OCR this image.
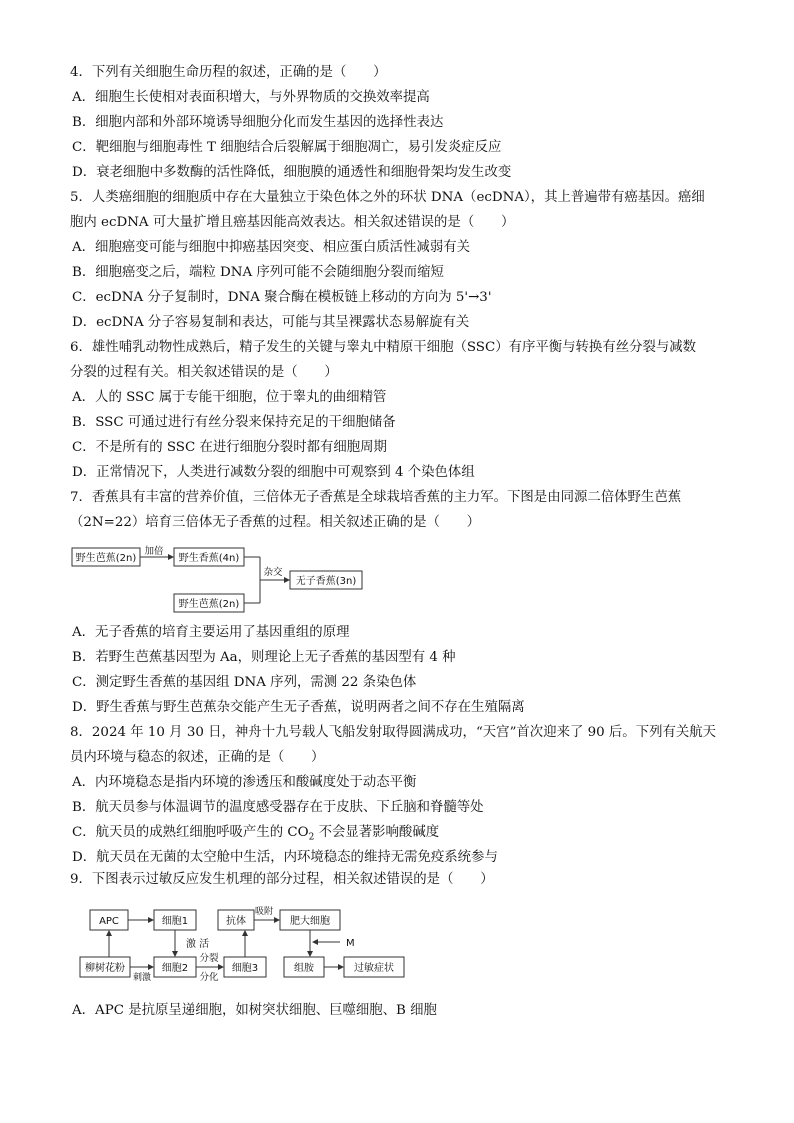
4．下列有关细胞生命历程的叙述，正确的是（　　）
A．细胞生长使相对表面积增大，与外界物质的交换效率提高
B．细胞内部和外部环境诱导细胞分化而发生基因的选择性表达
C．靶细胞与细胞毒性 T 细胞结合后裂解属于细胞凋亡，易引发炎症反应
D．衰老细胞中多数酶的活性降低，细胞膜的通透性和细胞骨架均发生改变
5．人类癌细胞的细胞质中存在大量独立于染色体之外的环状 DNA（ecDNA），其上普遍带有癌基因。癌细
胞内 ecDNA 可大量扩增且癌基因能高效表达。相关叙述错误的是（　　）
A．细胞癌变可能与细胞中抑癌基因突变、相应蛋白质活性减弱有关
B．细胞癌变之后，端粒 DNA 序列可能不会随细胞分裂而缩短
C．ecDNA 分子复制时，DNA 聚合酶在模板链上移动的方向为 5'→3'
D．ecDNA 分子容易复制和表达，可能与其呈裸露状态易解旋有关
6．雄性哺乳动物性成熟后，精子发生的关键与睾丸中精原干细胞（SSC）有序平衡与转换有丝分裂与减数
分裂的过程有关。相关叙述错误的是（　　）
A．人的 SSC 属于专能干细胞，位于睾丸的曲细精管
B．SSC 可通过进行有丝分裂来保持充足的干细胞储备
C．不是所有的 SSC 在进行细胞分裂时都有细胞周期
D．正常情况下，人类进行减数分裂的细胞中可观察到 4 个染色体组
7．香蕉具有丰富的营养价值，三倍体无子香蕉是全球栽培香蕉的主力军。下图是由同源二倍体野生芭蕉
（2N=22）培育三倍体无子香蕉的过程。相关叙述正确的是（　　）
野生芭蕉(2n)
加倍
野生香蕉(4n)
野生芭蕉(2n)
杂交
无子香蕉(3n)
A．无子香蕉的培育主要运用了基因重组的原理
B．若野生芭蕉基因型为 Aa，则理论上无子香蕉的基因型有 4 种
C．测定野生香蕉的基因组 DNA 序列，需测 22 条染色体
D．野生香蕉与野生芭蕉杂交能产生无子香蕉，说明两者之间不存在生殖隔离
8．2024 年 10 月 30 日，神舟十九号载人飞船发射取得圆满成功，“天宫”首次迎来了 90 后。下列有关航天
员内环境与稳态的叙述，正确的是（　　）
A．内环境稳态是指内环境的渗透压和酸碱度处于动态平衡
B．航天员参与体温调节的温度感受器存在于皮肤、下丘脑和脊髓等处
C．航天员的成熟红细胞呼吸产生的 $CO_2$ 不会显著影响酸碱度
D．航天员在无菌的太空舱中生活，内环境稳态的维持无需免疫系统参与
9．下图表示过敏反应发生机理的部分过程，相关叙述错误的是（　　）
APC	细胞1
激 活
柳树花粉
刺激
细胞2
分裂
分化
细胞3
抗体
吸附
肥大细胞
M
组胺	过敏症状
A．APC 是抗原呈递细胞，如树突状细胞、巨噬细胞、B 细胞
